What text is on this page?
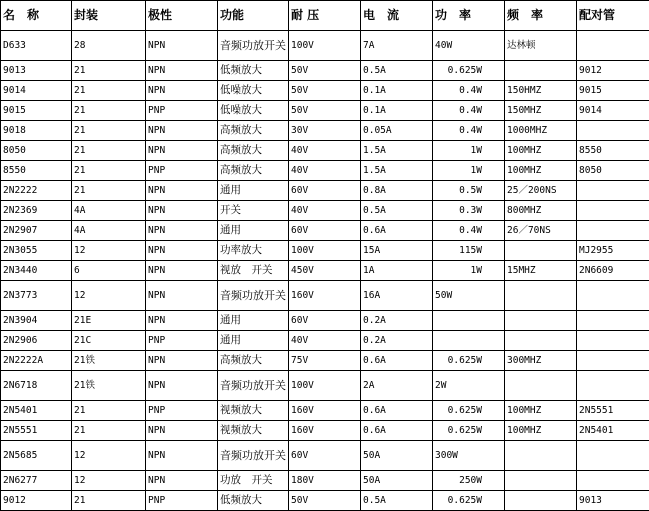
名　称	封装	极性	功能	耐 压	电　流	功　率	频　率	配对管
D633	28	NPN	音频功放开关	100V	7A	40W	达林顿	
9013	21	NPN	低频放大	50V	0.5A	0.625W		9012
9014	21	NPN	低噪放大	50V	0.1A	0.4W	150HMZ	9015
9015	21	PNP	低噪放大	50V	0.1A	0.4W	150MHZ	9014
9018	21	NPN	高频放大	30V	0.05A	0.4W	1000MHZ	
8050	21	NPN	高频放大	40V	1.5A	1W	100MHZ	8550
8550	21	PNP	高频放大	40V	1.5A	1W	100MHZ	8050
2N2222	21	NPN	通用	60V	0.8A	0.5W	25／200NS	
2N2369	4A	NPN	开关	40V	0.5A	0.3W	800MHZ	
2N2907	4A	NPN	通用	60V	0.6A	0.4W	26／70NS	
2N3055	12	NPN	功率放大	100V	15A	115W		MJ2955
2N3440	6	NPN	视放　开关	450V	1A	1W	15MHZ	2N6609
2N3773	12	NPN	音频功放开关	160V	16A	50W		
2N3904	21E	NPN	通用	60V	0.2A			
2N2906	21C	PNP	通用	40V	0.2A			
2N2222A	21铁	NPN	高频放大	75V	0.6A	0.625W	300MHZ	
2N6718	21铁	NPN	音频功放开关	100V	2A	2W		
2N5401	21	PNP	视频放大	160V	0.6A	0.625W	100MHZ	2N5551
2N5551	21	NPN	视频放大	160V	0.6A	0.625W	100MHZ	2N5401
2N5685	12	NPN	音频功放开关	60V	50A	300W		
2N6277	12	NPN	功放　开关	180V	50A	250W		
9012	21	PNP	低频放大	50V	0.5A	0.625W		9013
